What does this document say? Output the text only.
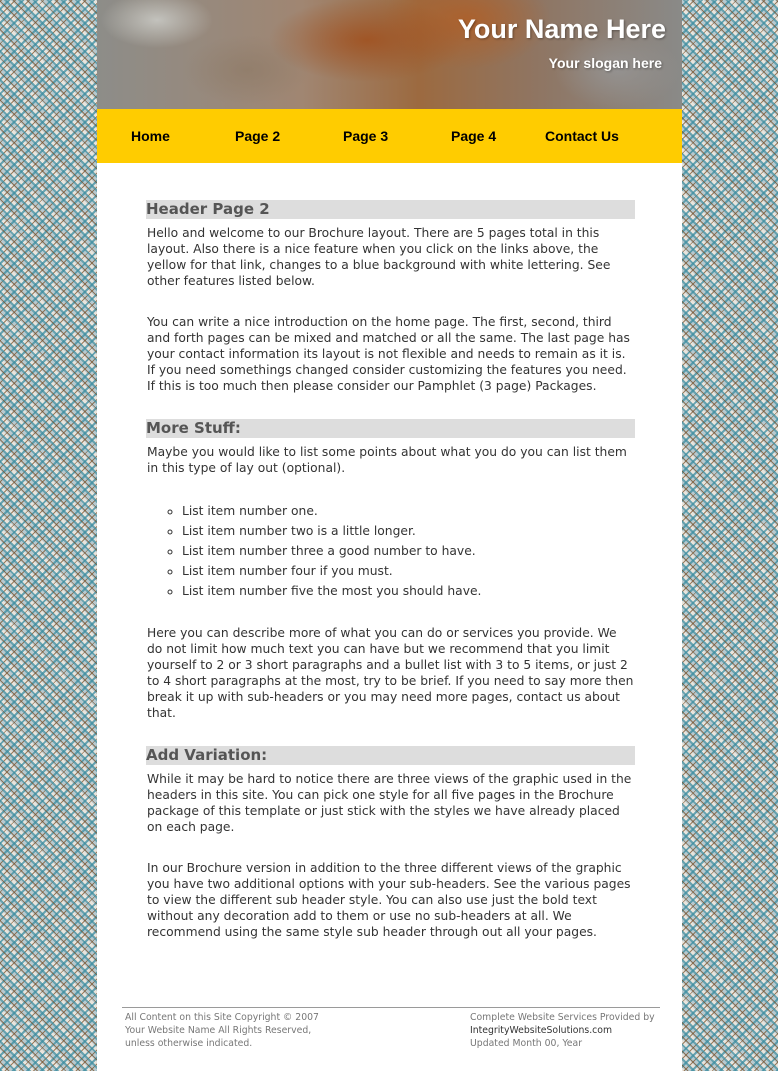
Your Name Here
Your slogan here
Home	Page 2	Page 3	Page 4	Contact Us
Header Page 2

Hello and welcome to our Brochure layout. There are 5 pages total in this layout. Also there is a nice feature when you click on the links above, the yellow for that link, changes to a blue background with white lettering. See other features listed below.

You can write a nice introduction on the home page. The first, second, third and forth pages can be mixed and matched or all the same. The last page has your contact information its layout is not flexible and needs to remain as it is. If you need somethings changed consider customizing the features you need. If this is too much then please consider our Pamphlet (3 page) Packages.

More Stuff:

Maybe you would like to list some points about what you do you can list them in this type of lay out (optional).

◦ List item number one.
◦ List item number two is a little longer.
◦ List item number three a good number to have.
◦ List item number four if you must.
◦ List item number five the most you should have.

Here you can describe more of what you can do or services you provide. We do not limit how much text you can have but we recommend that you limit yourself to 2 or 3 short paragraphs and a bullet list with 3 to 5 items, or just 2 to 4 short paragraphs at the most, try to be brief. If you need to say more then break it up with sub-headers or you may need more pages, contact us about that.

Add Variation:

While it may be hard to notice there are three views of the graphic used in the headers in this site. You can pick one style for all five pages in the Brochure package of this template or just stick with the styles we have already placed on each page.

In our Brochure version in addition to the three different views of the graphic you have two additional options with your sub-headers. See the various pages to view the different sub header style. You can also use just the bold text without any decoration add to them or use no sub-headers at all. We recommend using the same style sub header through out all your pages.

All Content on this Site Copyright © 2007
Your Website Name All Rights Reserved,
unless otherwise indicated.
Complete Website Services Provided by
IntegrityWebsiteSolutions.com
Updated Month 00, Year
